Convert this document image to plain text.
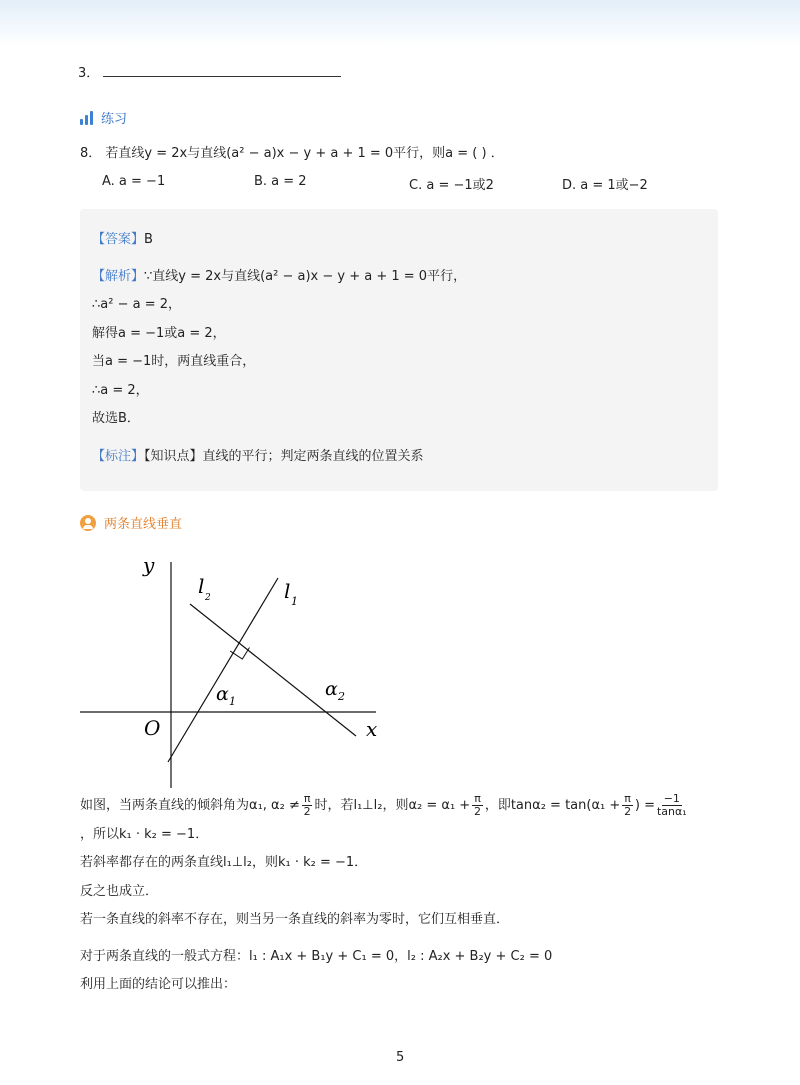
3．
练习
8． 若直线y = 2x与直线(a² − a)x − y + a + 1 = 0平行，则a = ( ) ．
A. a = −1	B. a = 2	C. a = −1或2	D. a = 1或−2
【答案】B
【解析】∵直线y = 2x与直线(a² − a)x − y + a + 1 = 0平行，
∴a² − a = 2，
解得a = −1或a = 2，
当a = −1时，两直线重合，
∴a = 2，
故选B．
【标注】【知识点】直线的平行；判定两条直线的位置关系
两条直线垂直
y
x
O
l 1
l 2
α 1
α 2
如图，当两条直线的倾斜角为α₁, $\alpha_2 \ne \frac{\pi}{2}$ 时，若l₁⊥l₂，则$\alpha_2 = \alpha_1 + \frac{\pi}{2}$ ，即$\tan\alpha_2 = \tan(\alpha_1 + \frac{\pi}{2}$ ) = $\frac{-1}{\text{tanα₁}}$
，所以k₁ · k₂ = −1．
若斜率都存在的两条直线l₁⊥l₂，则k₁ · k₂ = −1．
反之也成立．
若一条直线的斜率不存在，则当另一条直线的斜率为零时，它们互相垂直．
对于两条直线的一般式方程：l₁ : A₁x + B₁y + C₁ = 0，l₂ : A₂x + B₂y + C₂ = 0
利用上面的结论可以推出：
5
